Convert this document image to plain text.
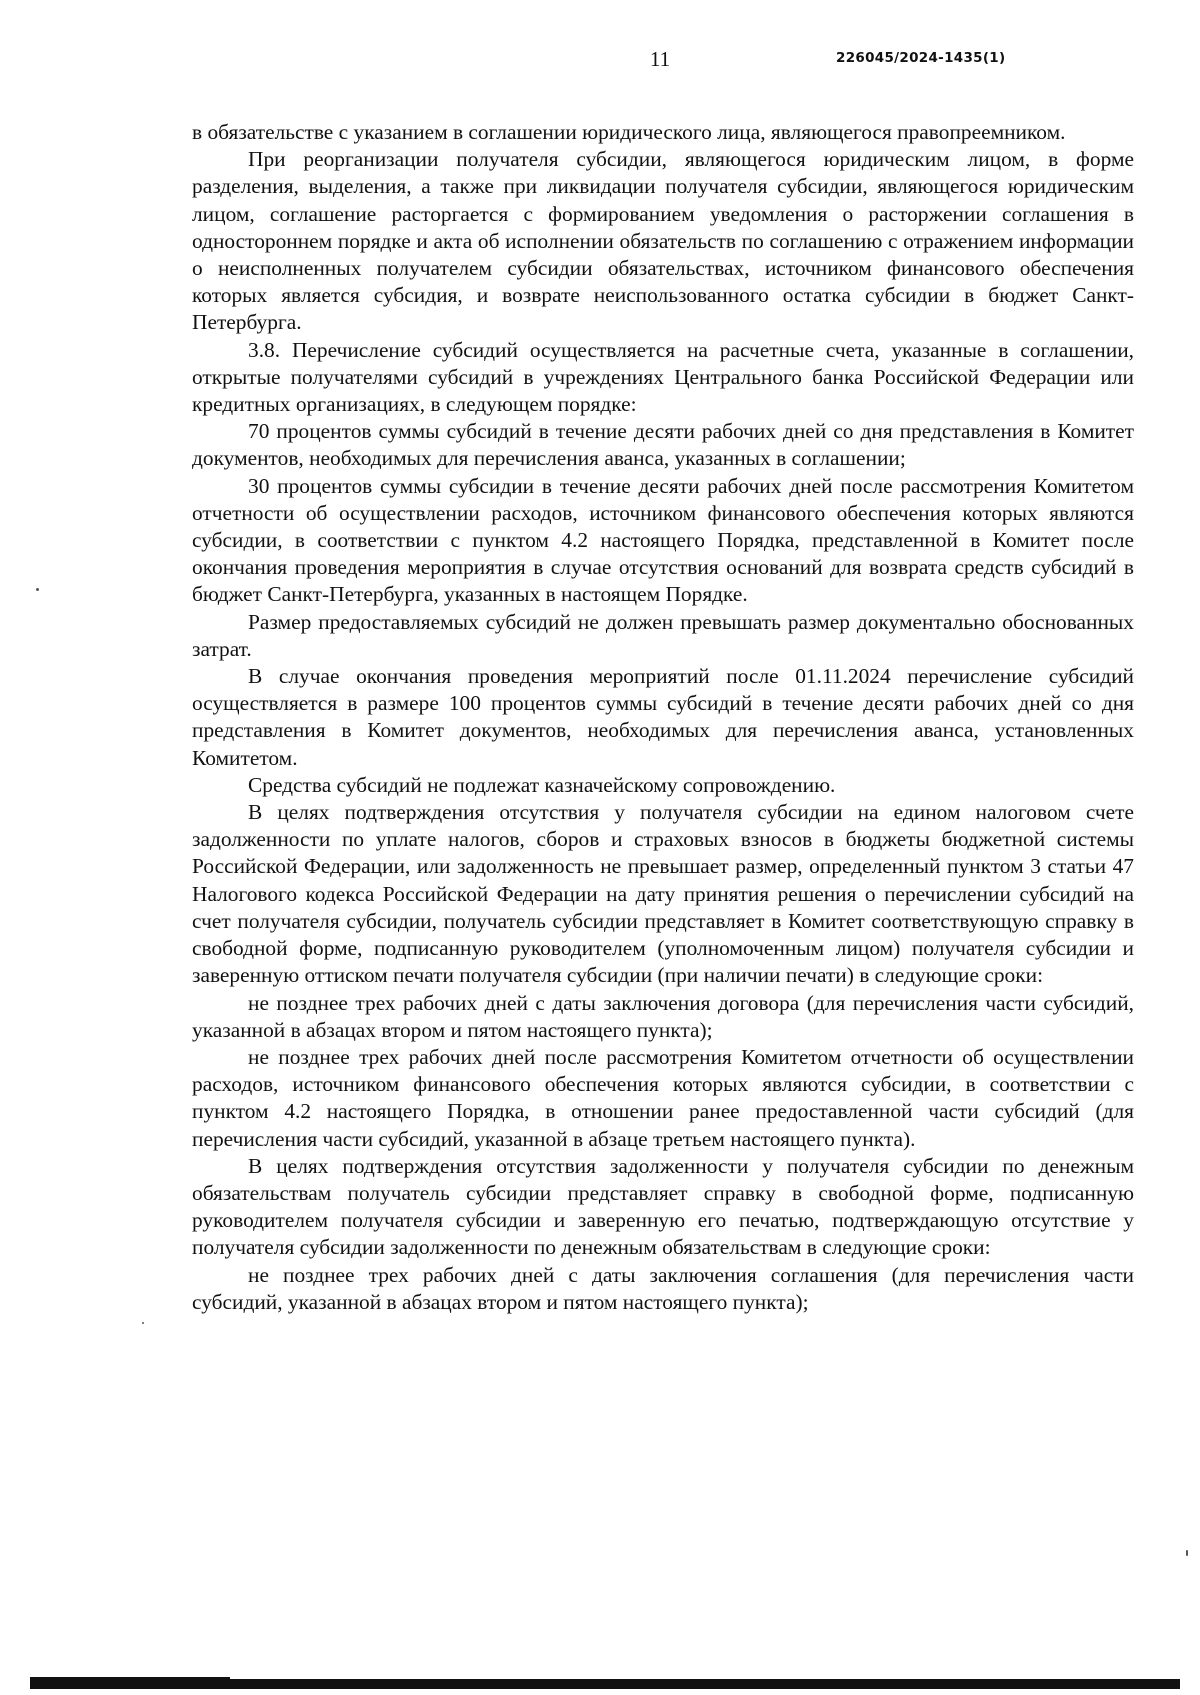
11	226045/2024-1435(1)

в обязательстве с указанием в соглашении юридического лица, являющегося правопреемником.

При реорганизации получателя субсидии, являющегося юридическим лицом, в форме разделения, выделения, а также при ликвидации получателя субсидии, являющегося юридическим лицом, соглашение расторгается с формированием уведомления о расторжении соглашения в одностороннем порядке и акта об исполнении обязательств по соглашению с отражением информации о неисполненных получателем субсидии обязательствах, источником финансового обеспечения которых является субсидия, и возврате неиспользованного остатка субсидии в бюджет Санкт-Петербурга.

3.8. Перечисление субсидий осуществляется на расчетные счета, указанные в соглашении, открытые получателями субсидий в учреждениях Центрального банка Российской Федерации или кредитных организациях, в следующем порядке:

70 процентов суммы субсидий в течение десяти рабочих дней со дня представления в Комитет документов, необходимых для перечисления аванса, указанных в соглашении;

30 процентов суммы субсидии в течение десяти рабочих дней после рассмотрения Комитетом отчетности об осуществлении расходов, источником финансового обеспечения которых являются субсидии, в соответствии с пунктом 4.2 настоящего Порядка, представленной в Комитет после окончания проведения мероприятия в случае отсутствия оснований для возврата средств субсидий в бюджет Санкт-Петербурга, указанных в настоящем Порядке.

Размер предоставляемых субсидий не должен превышать размер документально обоснованных затрат.

В случае окончания проведения мероприятий после 01.11.2024 перечисление субсидий осуществляется в размере 100 процентов суммы субсидий в течение десяти рабочих дней со дня представления в Комитет документов, необходимых для перечисления аванса, установленных Комитетом.

Средства субсидий не подлежат казначейскому сопровождению.

В целях подтверждения отсутствия у получателя субсидии на едином налоговом счете задолженности по уплате налогов, сборов и страховых взносов в бюджеты бюджетной системы Российской Федерации, или задолженность не превышает размер, определенный пунктом 3 статьи 47 Налогового кодекса Российской Федерации на дату принятия решения о перечислении субсидий на счет получателя субсидии, получатель субсидии представляет в Комитет соответствующую справку в свободной форме, подписанную руководителем (уполномоченным лицом) получателя субсидии и заверенную оттиском печати получателя субсидии (при наличии печати) в следующие сроки:

не позднее трех рабочих дней с даты заключения договора (для перечисления части субсидий, указанной в абзацах втором и пятом настоящего пункта);

не позднее трех рабочих дней после рассмотрения Комитетом отчетности об осуществлении расходов, источником финансового обеспечения которых являются субсидии, в соответствии с пунктом 4.2 настоящего Порядка, в отношении ранее предоставленной части субсидий (для перечисления части субсидий, указанной в абзаце третьем настоящего пункта).

В целях подтверждения отсутствия задолженности у получателя субсидии по денежным обязательствам получатель субсидии представляет справку в свободной форме, подписанную руководителем получателя субсидии и заверенную его печатью, подтверждающую отсутствие у получателя субсидии задолженности по денежным обязательствам в следующие сроки:

не позднее трех рабочих дней с даты заключения соглашения (для перечисления части субсидий, указанной в абзацах втором и пятом настоящего пункта);
